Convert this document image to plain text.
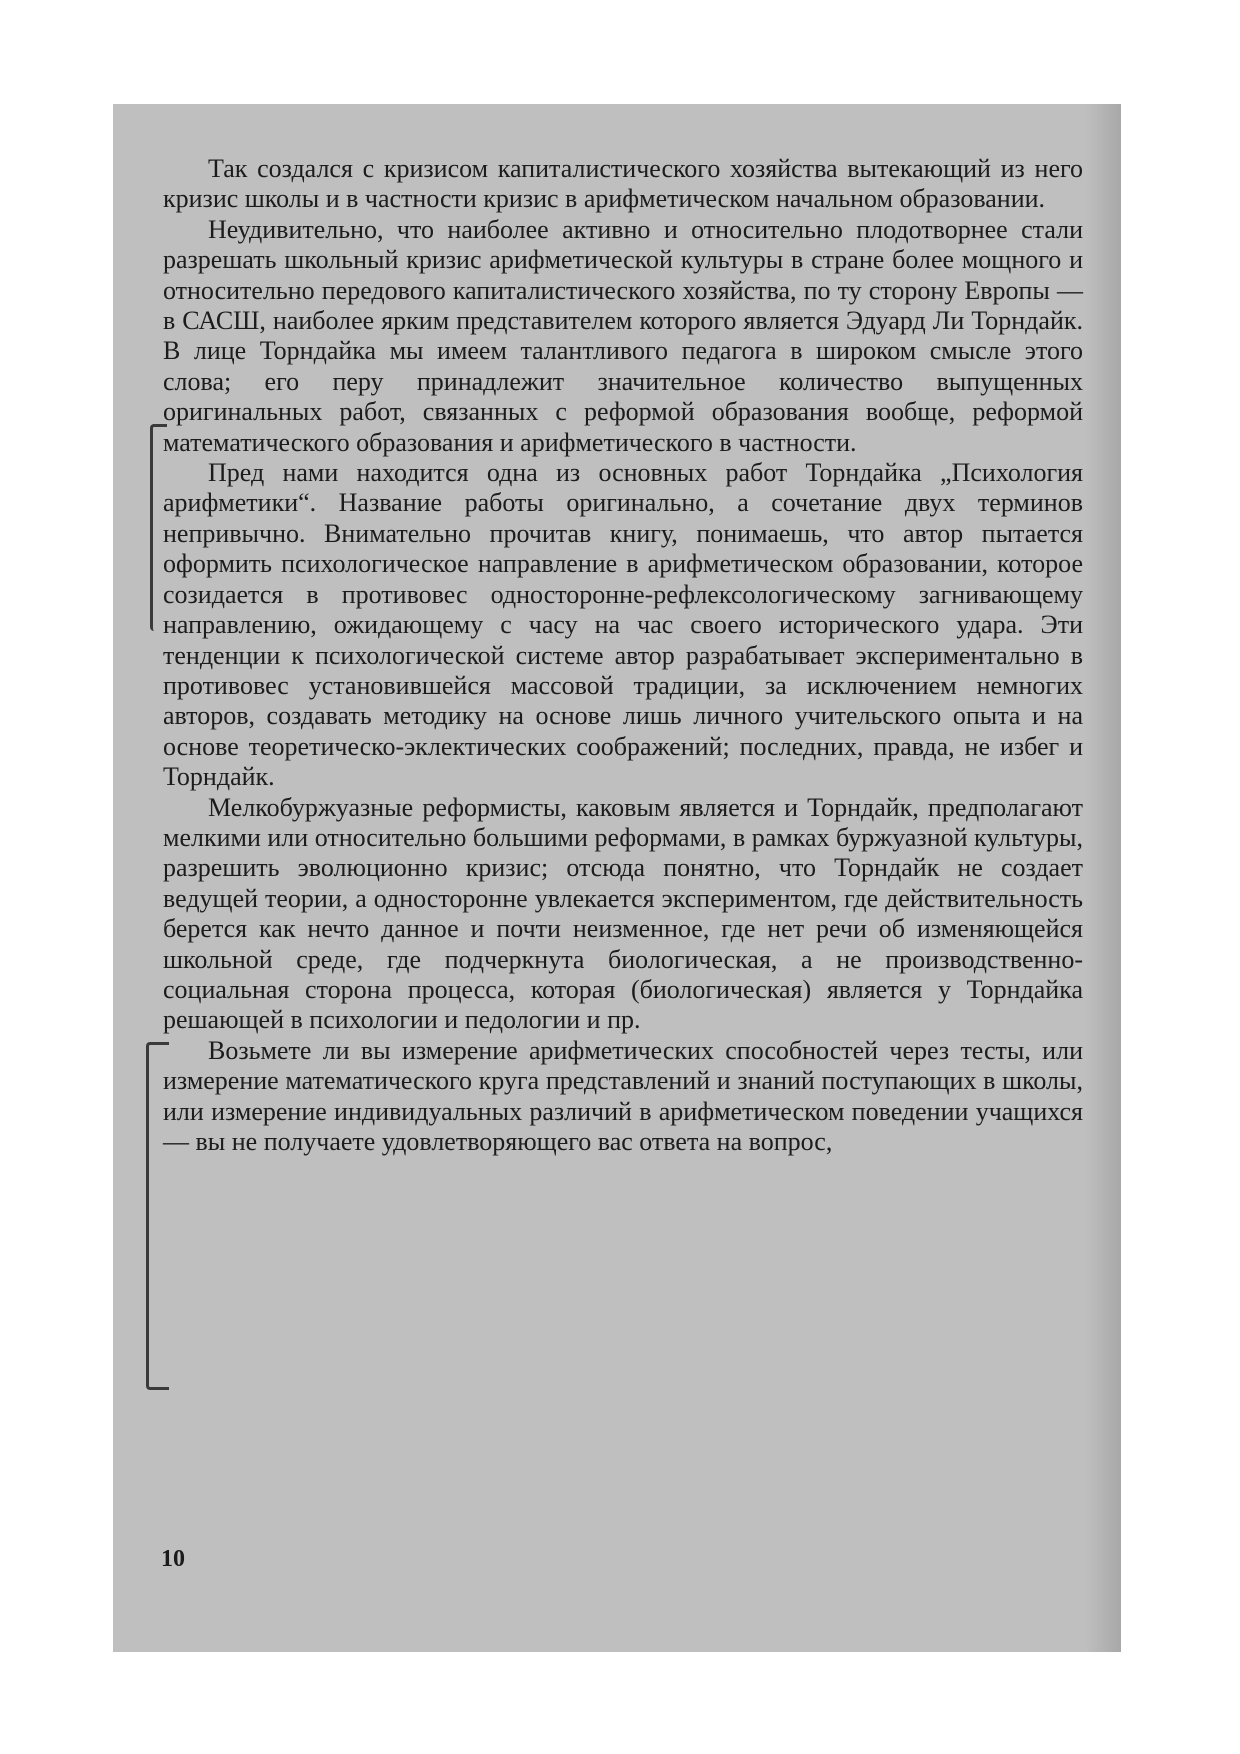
Так создался с кризисом капиталистического хозяйства вытекающий из него кризис школы и в частности кризис в арифметическом начальном образовании.

Неудивительно, что наиболее активно и относительно плодотворнее стали разрешать школьный кризис арифметической культуры в стране более мощного и относительно передового капиталистического хозяйства, по ту сторону Европы — в САСШ, наиболее ярким представителем которого является Эдуард Ли Торндайк. В лице Торндайка мы имеем талантливого педагога в широком смысле этого слова; его перу принадлежит значительное количество выпущенных оригинальных работ, связанных с реформой образования вообще, реформой математического образования и арифметического в частности.

Пред нами находится одна из основных работ Торндайка „Психология арифметики“. Название работы оригинально, а сочетание двух терминов непривычно. Внимательно прочитав книгу, понимаешь, что автор пытается оформить психологическое направление в арифметическом образовании, которое созидается в противовес односторонне-рефлексологическому загнивающему направлению, ожидающему с часу на час своего исторического удара. Эти тенденции к психологической системе автор разрабатывает экспериментально в противовес установившейся массовой традиции, за исключением немногих авторов, создавать методику на основе лишь личного учительского опыта и на основе теоретическо-эклектических соображений; последних, правда, не избег и Торндайк.

Мелкобуржуазные реформисты, каковым является и Торндайк, предполагают мелкими или относительно большими реформами, в рамках буржуазной культуры, разрешить эволюционно кризис; отсюда понятно, что Торндайк не создает ведущей теории, а односторонне увлекается экспериментом, где действительность берется как нечто данное и почти неизменное, где нет речи об изменяющейся школьной среде, где подчеркнута биологическая, а не производственно-социальная сторона процесса, которая (биологическая) является у Торндайка решающей в психологии и педологии и пр.

Возьмете ли вы измерение арифметических способностей через тесты, или измерение математического круга представлений и знаний поступающих в школы, или измерение индивидуальных различий в арифметическом поведении учащихся — вы не получаете удовлетворяющего вас ответа на вопрос,

10
